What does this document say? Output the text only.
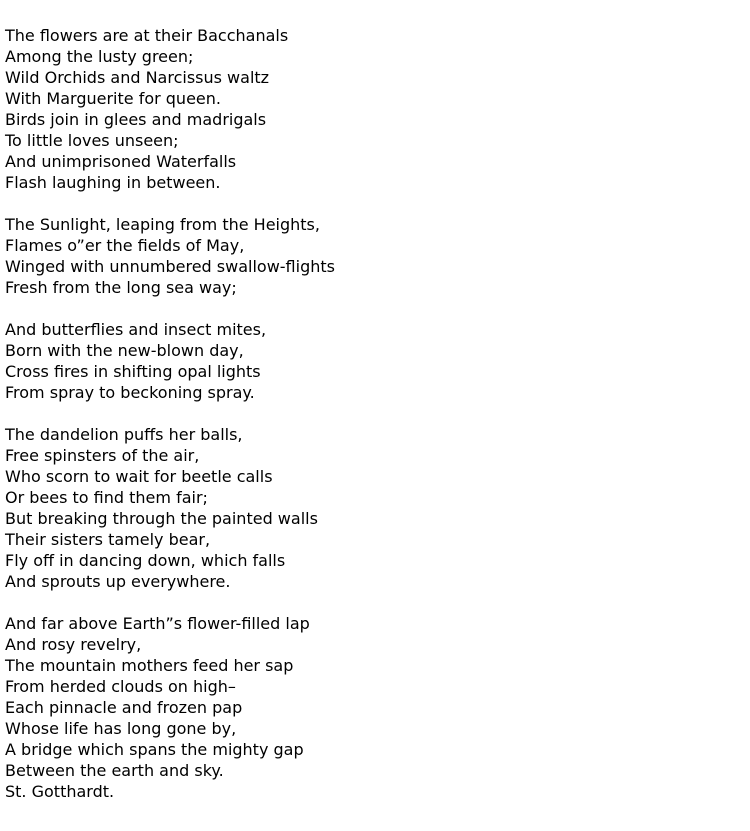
The flowers are at their Bacchanals
Among the lusty green;
Wild Orchids and Narcissus waltz
With Marguerite for queen.
Birds join in glees and madrigals
To little loves unseen;
And unimprisoned Waterfalls
Flash laughing in between.
The Sunlight, leaping from the Heights,
Flames o”er the fields of May,
Winged with unnumbered swallow-flights
Fresh from the long sea way;
And butterflies and insect mites,
Born with the new-blown day,
Cross fires in shifting opal lights
From spray to beckoning spray.
The dandelion puffs her balls,
Free spinsters of the air,
Who scorn to wait for beetle calls
Or bees to find them fair;
But breaking through the painted walls
Their sisters tamely bear,
Fly off in dancing down, which falls
And sprouts up everywhere.
And far above Earth”s flower-filled lap
And rosy revelry,
The mountain mothers feed her sap
From herded clouds on high–
Each pinnacle and frozen pap
Whose life has long gone by,
A bridge which spans the mighty gap
Between the earth and sky.
St. Gotthardt.
